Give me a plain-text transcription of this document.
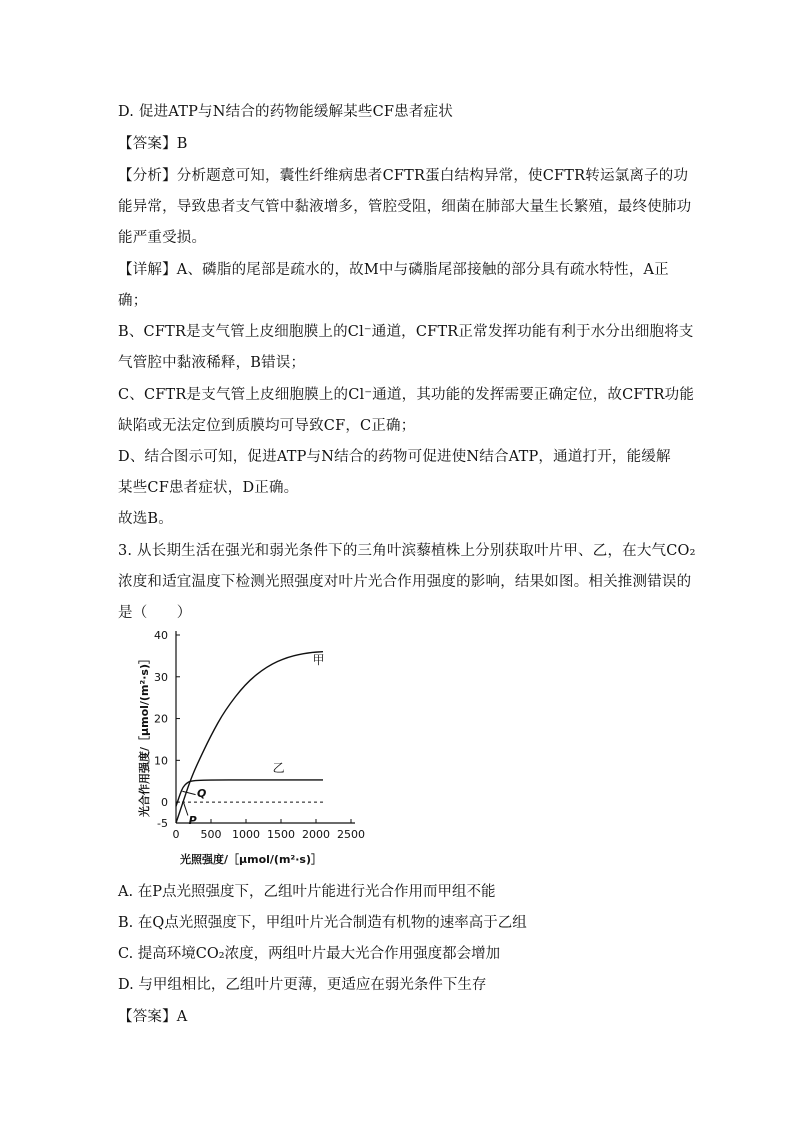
D. 促进ATP与N结合的药物能缓解某些CF患者症状
【答案】B
【分析】分析题意可知，囊性纤维病患者CFTR蛋白结构异常，使CFTR转运氯离子的功
能异常，导致患者支气管中黏液增多，管腔受阻，细菌在肺部大量生长繁殖，最终使肺功
能严重受损。
【详解】A、磷脂的尾部是疏水的，故M中与磷脂尾部接触的部分具有疏水特性，A正
确；
B、CFTR是支气管上皮细胞膜上的Cl⁻通道，CFTR正常发挥功能有利于水分出细胞将支
气管腔中黏液稀释，B错误；
C、CFTR是支气管上皮细胞膜上的Cl⁻通道，其功能的发挥需要正确定位，故CFTR功能
缺陷或无法定位到质膜均可导致CF，C正确；
D、结合图示可知，促进ATP与N结合的药物可促进使N结合ATP，通道打开，能缓解
某些CF患者症状，D正确。
故选B。
3. 从长期生活在强光和弱光条件下的三角叶滨藜植株上分别获取叶片甲、乙，在大气CO₂
浓度和适宜温度下检测光照强度对叶片光合作用强度的影响，结果如图。相关推测错误的
是（　　）
-5
0
10
20
30
40
0 500 1000 1500 2000 2500
甲
乙
Q
P
光合作用强度/［μmol/(m²·s)］
光照强度/［μmol/(m²·s)］
A. 在P点光照强度下，乙组叶片能进行光合作用而甲组不能
B. 在Q点光照强度下，甲组叶片光合制造有机物的速率高于乙组
C. 提高环境CO₂浓度，两组叶片最大光合作用强度都会增加
D. 与甲组相比，乙组叶片更薄，更适应在弱光条件下生存
【答案】A
